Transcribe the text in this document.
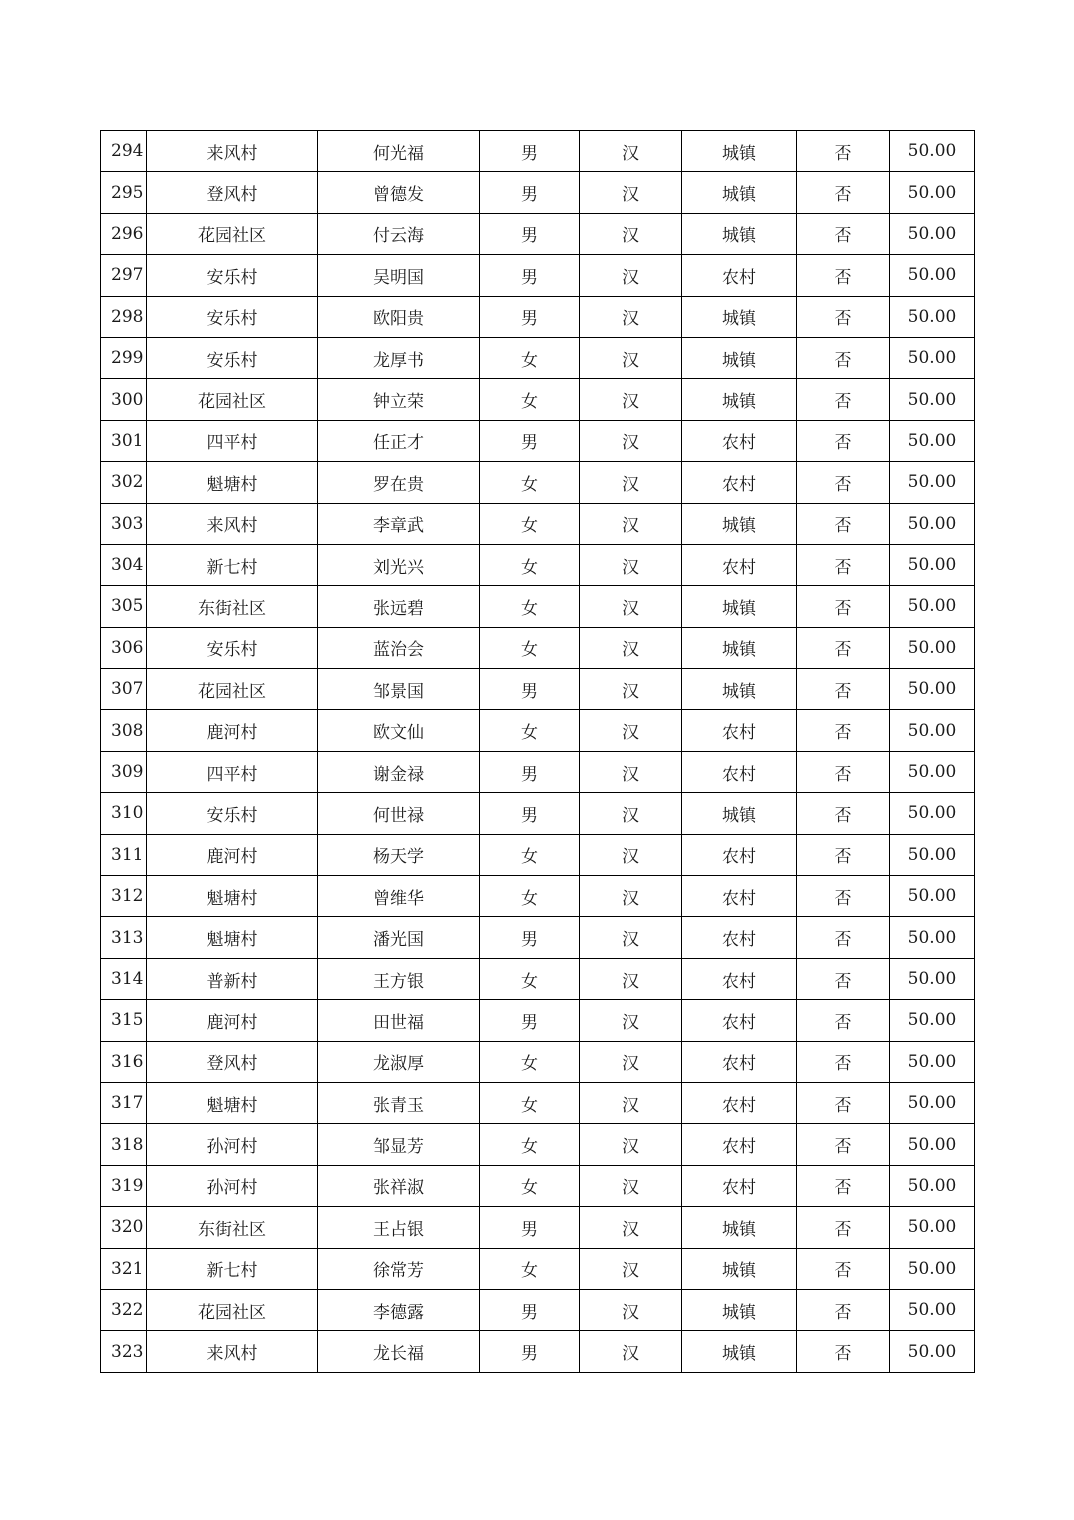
294	来风村	何光福	男	汉	城镇	否	50.00
295	登风村	曾德发	男	汉	城镇	否	50.00
296	花园社区	付云海	男	汉	城镇	否	50.00
297	安乐村	吴明国	男	汉	农村	否	50.00
298	安乐村	欧阳贵	男	汉	城镇	否	50.00
299	安乐村	龙厚书	女	汉	城镇	否	50.00
300	花园社区	钟立荣	女	汉	城镇	否	50.00
301	四平村	任正才	男	汉	农村	否	50.00
302	魁塘村	罗在贵	女	汉	农村	否	50.00
303	来风村	李章武	女	汉	城镇	否	50.00
304	新七村	刘光兴	女	汉	农村	否	50.00
305	东街社区	张远碧	女	汉	城镇	否	50.00
306	安乐村	蓝治会	女	汉	城镇	否	50.00
307	花园社区	邹景国	男	汉	城镇	否	50.00
308	鹿河村	欧文仙	女	汉	农村	否	50.00
309	四平村	谢金禄	男	汉	农村	否	50.00
310	安乐村	何世禄	男	汉	城镇	否	50.00
311	鹿河村	杨天学	女	汉	农村	否	50.00
312	魁塘村	曾维华	女	汉	农村	否	50.00
313	魁塘村	潘光国	男	汉	农村	否	50.00
314	普新村	王方银	女	汉	农村	否	50.00
315	鹿河村	田世福	男	汉	农村	否	50.00
316	登风村	龙淑厚	女	汉	农村	否	50.00
317	魁塘村	张青玉	女	汉	农村	否	50.00
318	孙河村	邹显芳	女	汉	农村	否	50.00
319	孙河村	张祥淑	女	汉	农村	否	50.00
320	东街社区	王占银	男	汉	城镇	否	50.00
321	新七村	徐常芳	女	汉	城镇	否	50.00
322	花园社区	李德露	男	汉	城镇	否	50.00
323	来风村	龙长福	男	汉	城镇	否	50.00
